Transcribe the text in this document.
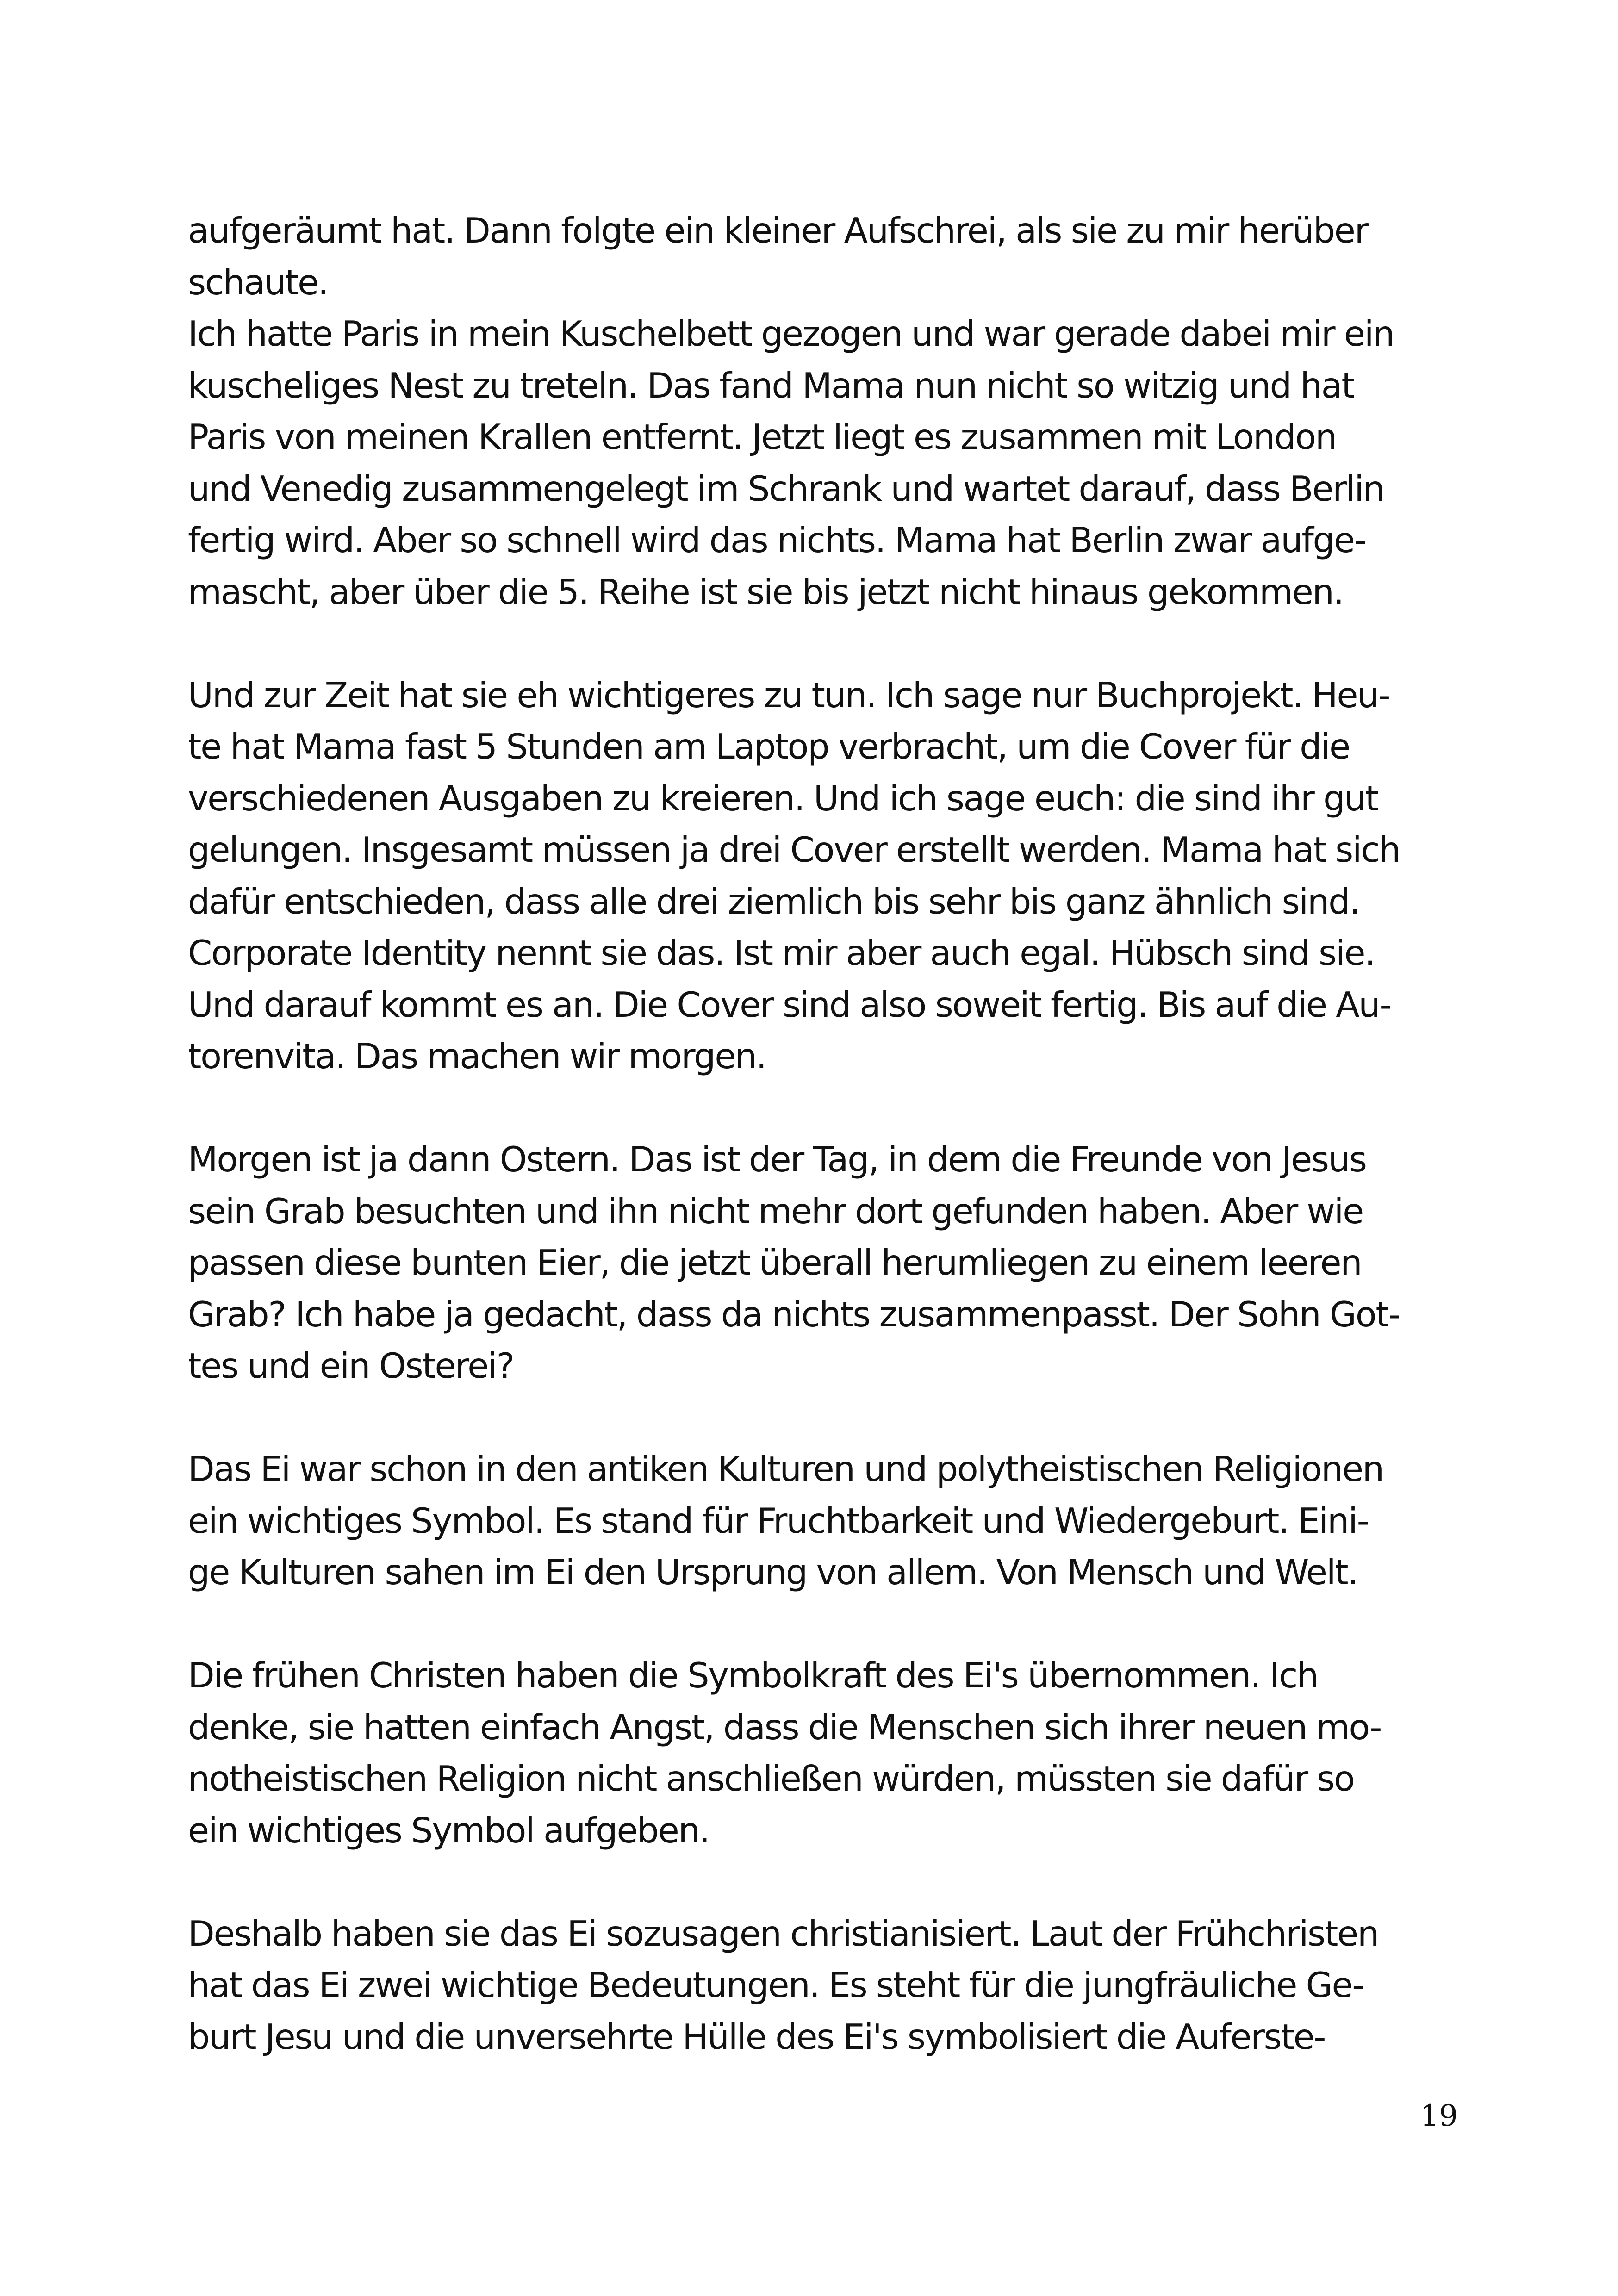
aufgeräumt hat. Dann folgte ein kleiner Aufschrei, als sie zu mir herüber
schaute.

Ich hatte Paris in mein Kuschelbett gezogen und war gerade dabei mir ein
kuscheliges Nest zu treteln. Das fand Mama nun nicht so witzig und hat
Paris von meinen Krallen entfernt. Jetzt liegt es zusammen mit London
und Venedig zusammengelegt im Schrank und wartet darauf, dass Berlin
fertig wird. Aber so schnell wird das nichts. Mama hat Berlin zwar aufge-
mascht, aber über die 5. Reihe ist sie bis jetzt nicht hinaus gekommen.

Und zur Zeit hat sie eh wichtigeres zu tun. Ich sage nur Buchprojekt. Heu-
te hat Mama fast 5 Stunden am Laptop verbracht, um die Cover für die
verschiedenen Ausgaben zu kreieren. Und ich sage euch: die sind ihr gut
gelungen. Insgesamt müssen ja drei Cover erstellt werden. Mama hat sich
dafür entschieden, dass alle drei ziemlich bis sehr bis ganz ähnlich sind.
Corporate Identity nennt sie das. Ist mir aber auch egal. Hübsch sind sie.
Und darauf kommt es an. Die Cover sind also soweit fertig. Bis auf die Au-
torenvita. Das machen wir morgen.

Morgen ist ja dann Ostern. Das ist der Tag, in dem die Freunde von Jesus
sein Grab besuchten und ihn nicht mehr dort gefunden haben. Aber wie
passen diese bunten Eier, die jetzt überall herumliegen zu einem leeren
Grab? Ich habe ja gedacht, dass da nichts zusammenpasst. Der Sohn Got-
tes und ein Osterei?

Das Ei war schon in den antiken Kulturen und polytheistischen Religionen
ein wichtiges Symbol. Es stand für Fruchtbarkeit und Wiedergeburt. Eini-
ge Kulturen sahen im Ei den Ursprung von allem. Von Mensch und Welt.

Die frühen Christen haben die Symbolkraft des Ei's übernommen. Ich
denke, sie hatten einfach Angst, dass die Menschen sich ihrer neuen mo-
notheistischen Religion nicht anschließen würden, müssten sie dafür so
ein wichtiges Symbol aufgeben.

Deshalb haben sie das Ei sozusagen christianisiert. Laut der Frühchristen
hat das Ei zwei wichtige Bedeutungen. Es steht für die jungfräuliche Ge-
burt Jesu und die unversehrte Hülle des Ei's symbolisiert die Auferste-

19
